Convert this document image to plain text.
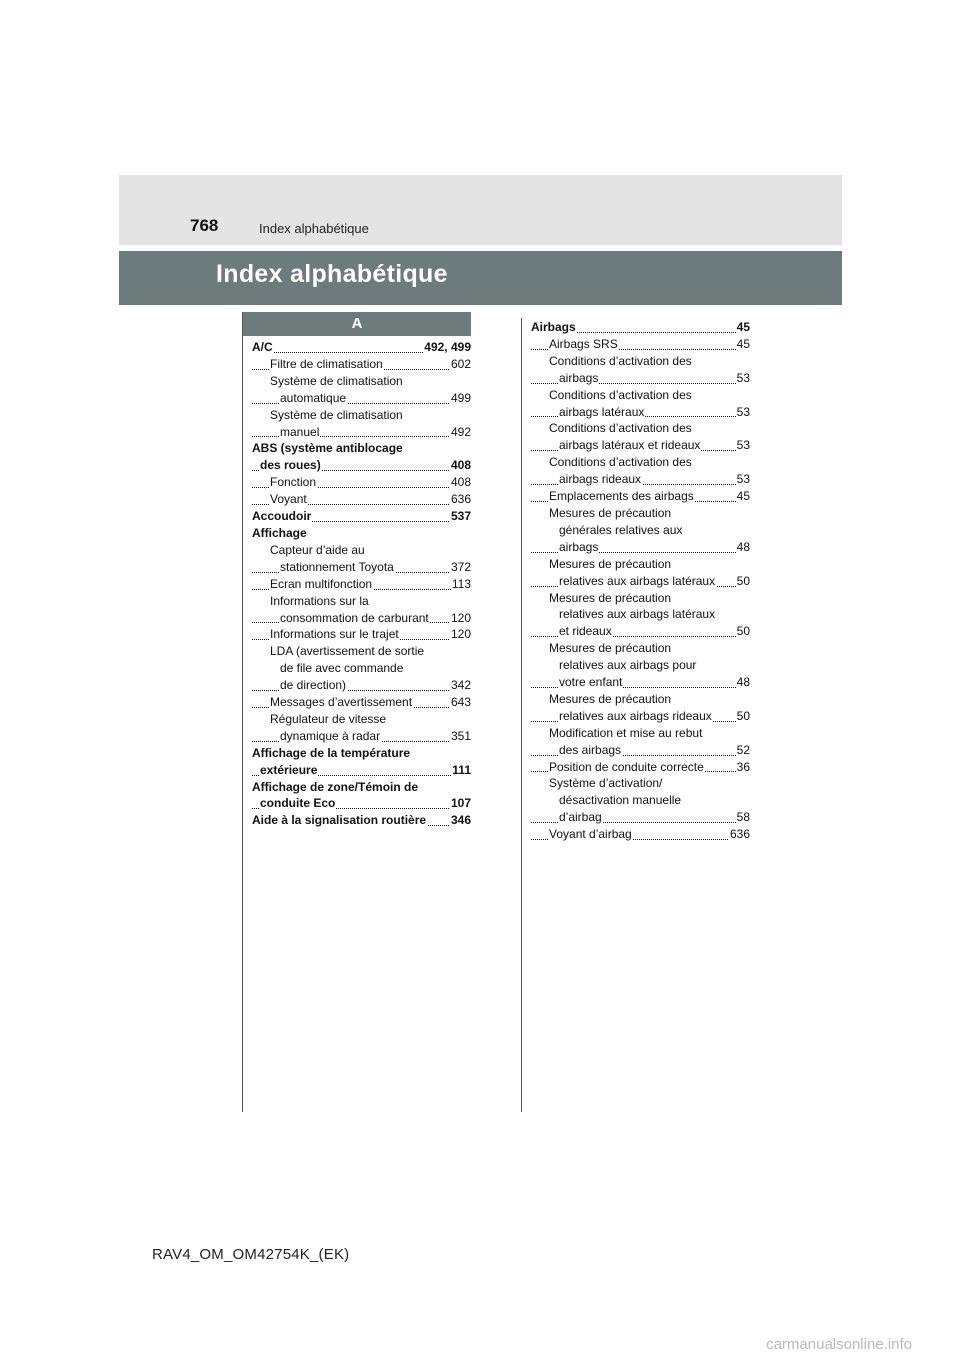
768	Index alphabétique
Index alphabétique
A
A/C	492, 499
Filtre de climatisation	602
Système de climatisation
automatique	499
Système de climatisation
manuel	492
ABS (système antiblocage
des roues)	408
Fonction	408
Voyant	636
Accoudoir	537
Affichage
Capteur d’aide au
stationnement Toyota	372
Ecran multifonction	113
Informations sur la
consommation de carburant 120
Informations sur le trajet	120
LDA (avertissement de sortie
de file avec commande
de direction)	342
Messages d’avertissement	643
Régulateur de vitesse
dynamique à radar	351
Affichage de la température
extérieure	111
Affichage de zone/Témoin de
conduite Eco	107
Aide à la signalisation routière 346
Airbags	45
Airbags SRS	45
Conditions d’activation des
airbags	53
Conditions d’activation des
airbags latéraux	53
Conditions d’activation des
airbags latéraux et rideaux	53
Conditions d’activation des
airbags rideaux	53
Emplacements des airbags	45
Mesures de précaution
générales relatives aux
airbags	48
Mesures de précaution
relatives aux airbags latéraux 50
Mesures de précaution
relatives aux airbags latéraux
et rideaux	50
Mesures de précaution
relatives aux airbags pour
votre enfant	48
Mesures de précaution
relatives aux airbags rideaux 50
Modification et mise au rebut
des airbags	52
Position de conduite correcte	36
Système d’activation/
désactivation manuelle
d’airbag	58
Voyant d’airbag	636
RAV4_OM_OM42754K_(EK)
carmanualsonline.info
